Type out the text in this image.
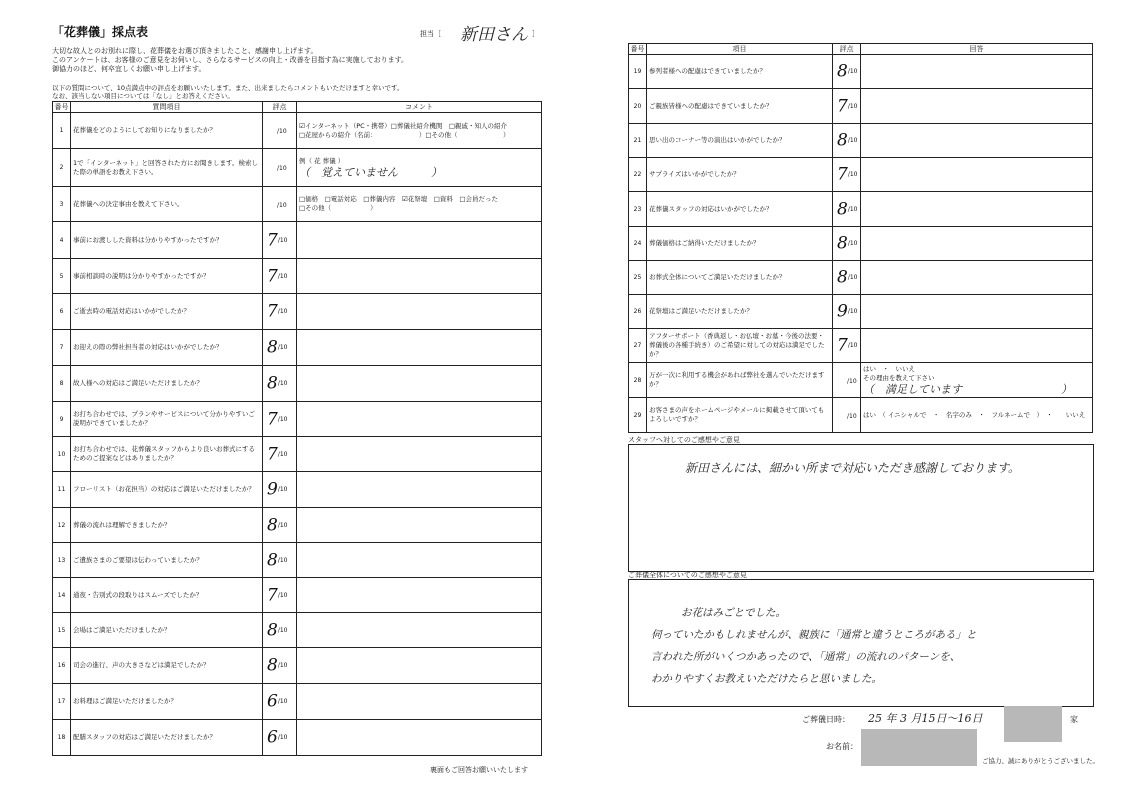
「花葬儀」採点表	担当［ 新田さん ］
大切な故人とのお別れに際し、花葬儀をお選び頂きましたこと、感謝申し上げます。
このアンケートは、お客様のご意見をお伺いし、さらなるサービスの向上・改善を目指す為に実施しております。
御協力のほど、何卒宜しくお願い申し上げます。
以下の質問について、10点満点中の評点をお願いいたします。また、出来ましたらコメントもいただけますと幸いです。
なお、該当しない項目については「なし」とお答えください。
番号	質問項目	評点	コメント
1	花葬儀をどのようにしてお知りになりましたか？	/10	☑インターネット（PC・携帯）□葬儀社紹介機関　□親戚・知人の紹介
□花屋からの紹介（名前：　　　　　　　）□その他（　　　　　　　）

2	1で「インターネット」と回答された方にお聞きします。検索した際の単語をお教え下さい。	/10	例（ 花 葬儀 ）
（　覚えていません　　　）

3	花葬儀への決定事由を教えて下さい。	/10	□価格　□電話対応　□葬儀内容　☑花祭壇　□資料　□会員だった
□その他（　　　　　　）

4	事前にお渡しした資料は分かりやすかったですか？	7/10	

5	事前相談時の説明は分かりやすかったですか？	7/10	

6	ご逝去時の電話対応はいかがでしたか？	7/10	

7	お迎えの際の弊社担当者の対応はいかがでしたか？	8/10	

8	故人様への対応はご満足いただけましたか？	8/10	

9	お打ち合わせでは、プランやサービスについて分かりやすいご説明ができていましたか？	7/10	

10	お打ち合わせでは、花葬儀スタッフからより良いお葬式にするためのご提案などはありましたか？	7/10	

11	フローリスト（お花担当）の対応はご満足いただけましたか？	9/10	

12	葬儀の流れは理解できましたか？	8/10	

13	ご遺族さまのご要望は伝わっていましたか？	8/10	

14	通夜・告別式の段取りはスムーズでしたか？	7/10	

15	会場はご満足いただけましたか？	8/10	

16	司会の進行、声の大きさなどは満足でしたか？	8/10	

17	お料理はご満足いただけましたか？	6/10	

18	配膳スタッフの対応はご満足いただけましたか？	6/10	
裏面もご回答お願いいたします
番号	項目	評点	回答
19	参列者様への配慮はできていましたか？	8/10	

20	ご親族皆様への配慮はできていましたか？	7/10	

21	思い出のコーナー等の演出はいかがでしたか？	8/10	

22	サプライズはいかがでしたか？	7/10	

23	花葬儀スタッフの対応はいかがでしたか？	8/10	

24	葬儀価格はご納得いただけましたか？	8/10	

25	お葬式全体についてご満足いただけましたか？	8/10	

26	花祭壇はご満足いただけましたか？	9/10	

27	アフターサポート（香典返し・お仏壇・お墓・今後の法要・葬儀後の各種手続き）のご希望に対しての対応は満足でしたか？	7/10	

28	万が一次に利用する機会があれば弊社を選んでいただけますか？	/10	はい　・　いいえ
その理由を教えて下さい
（　満足しています　　　　　　　　　）

29	お客さまの声をホームページやメールに掲載させて頂いてもよろしいですか？	/10	はい　（ イニシャルで　・　名字のみ　・　フルネームで　）　・　　いいえ
スタッフへ対してのご感想やご意見
新田さんには、細かい所まで対応いただき感謝しております。
ご葬儀全体についてのご感想やご意見
お花はみごとでした。
伺っていたかもしれませんが、親族に「通常と違うところがある」と
言われた所がいくつかあったので、「通常」の流れのパターンを、
わかりやすくお教えいただけたらと思いました。
ご葬儀日時： 25 年 3 月15日〜16日	家
お名前：
ご協力、誠にありがとうございました。
